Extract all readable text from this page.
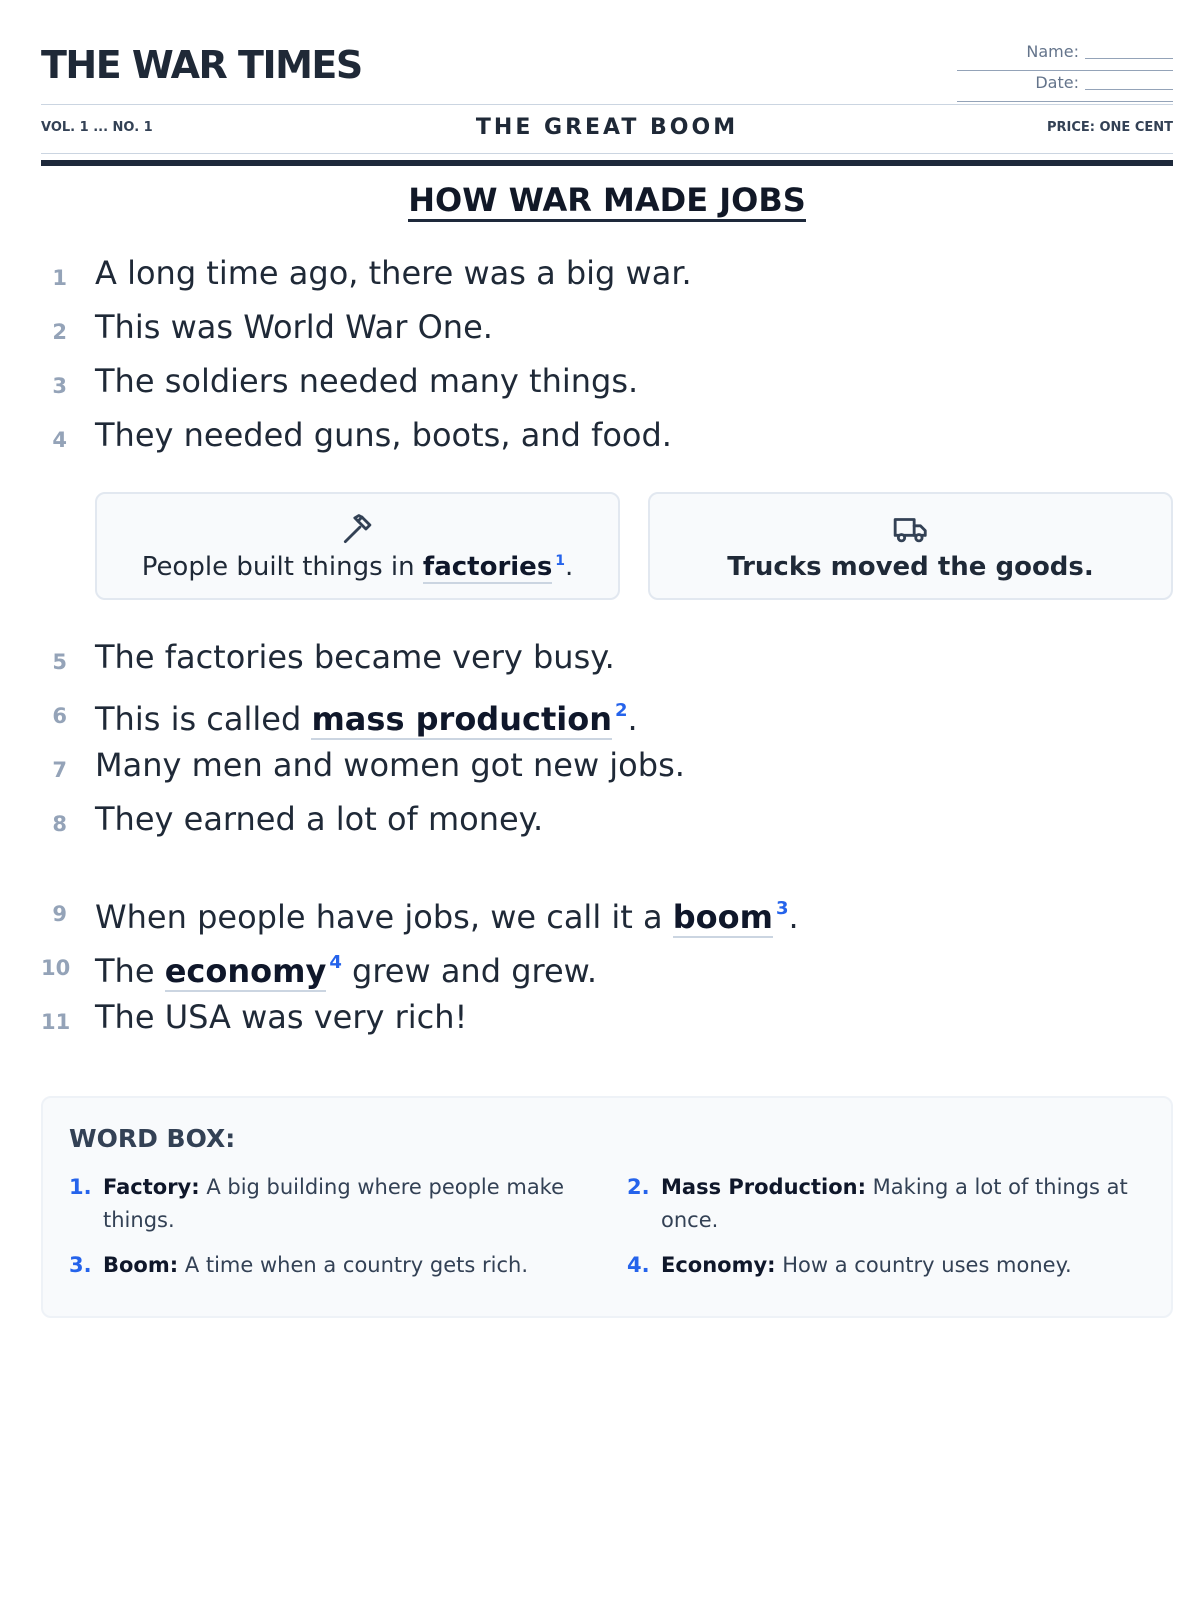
THE WAR TIMES	Name:
Date:
VOL. 1 ... NO. 1	THE GREAT BOOM	PRICE: ONE CENT
HOW WAR MADE JOBS
1 A long time ago, there was a big war.
2 This was World War One.
3 The soldiers needed many things.
4 They needed guns, boots, and food.
People built things in factories $^1$.	Trucks moved the goods.
5 The factories became very busy.
6 This is called mass production $^2$.
7 Many men and women got new jobs.
8 They earned a lot of money.
9 When people have jobs, we call it a boom $^3$.
10 The economy $^4$ grew and grew.
11 The USA was very rich!
WORD BOX:
1. Factory: A big building where people make things.
2. Mass Production: Making a lot of things at once.
3. Boom: A time when a country gets rich.	4. Economy: How a country uses money.
